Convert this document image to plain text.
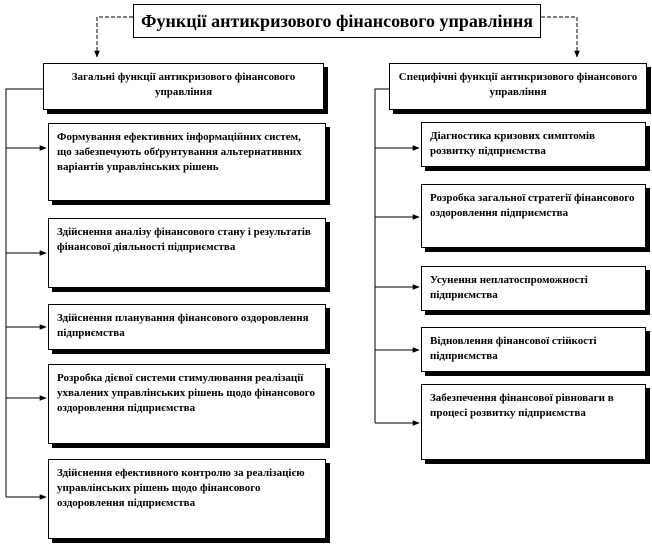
Функції антикризового фінансового управління
Загальні функції антикризового фінансового управління
Специфічні функції антикризового фінансового управління
Формування ефективних інформаційних систем, що забезпечують обґрунтування альтернативних варіантів управлінських рішень
Здійснення аналізу фінансового стану і результатів фінансової діяльності підприємства
Здійснення планування фінансового оздоровлення підприємства
Розробка дієвої системи стимулювання реалізації ухвалених управлінських рішень щодо фінансового оздоровлення підприємства
Здійснення ефективного контролю за реалізацією управлінських рішень щодо фінансового оздоровлення підприємства
Діагностика кризових симптомів розвитку підприємства
Розробка загальної стратегії фінансового оздоровлення підприємства
Усунення неплатоспроможності підприємства
Відновлення фінансової стійкості підприємства
Забезпечення фінансової рівноваги в процесі розвитку підприємства
